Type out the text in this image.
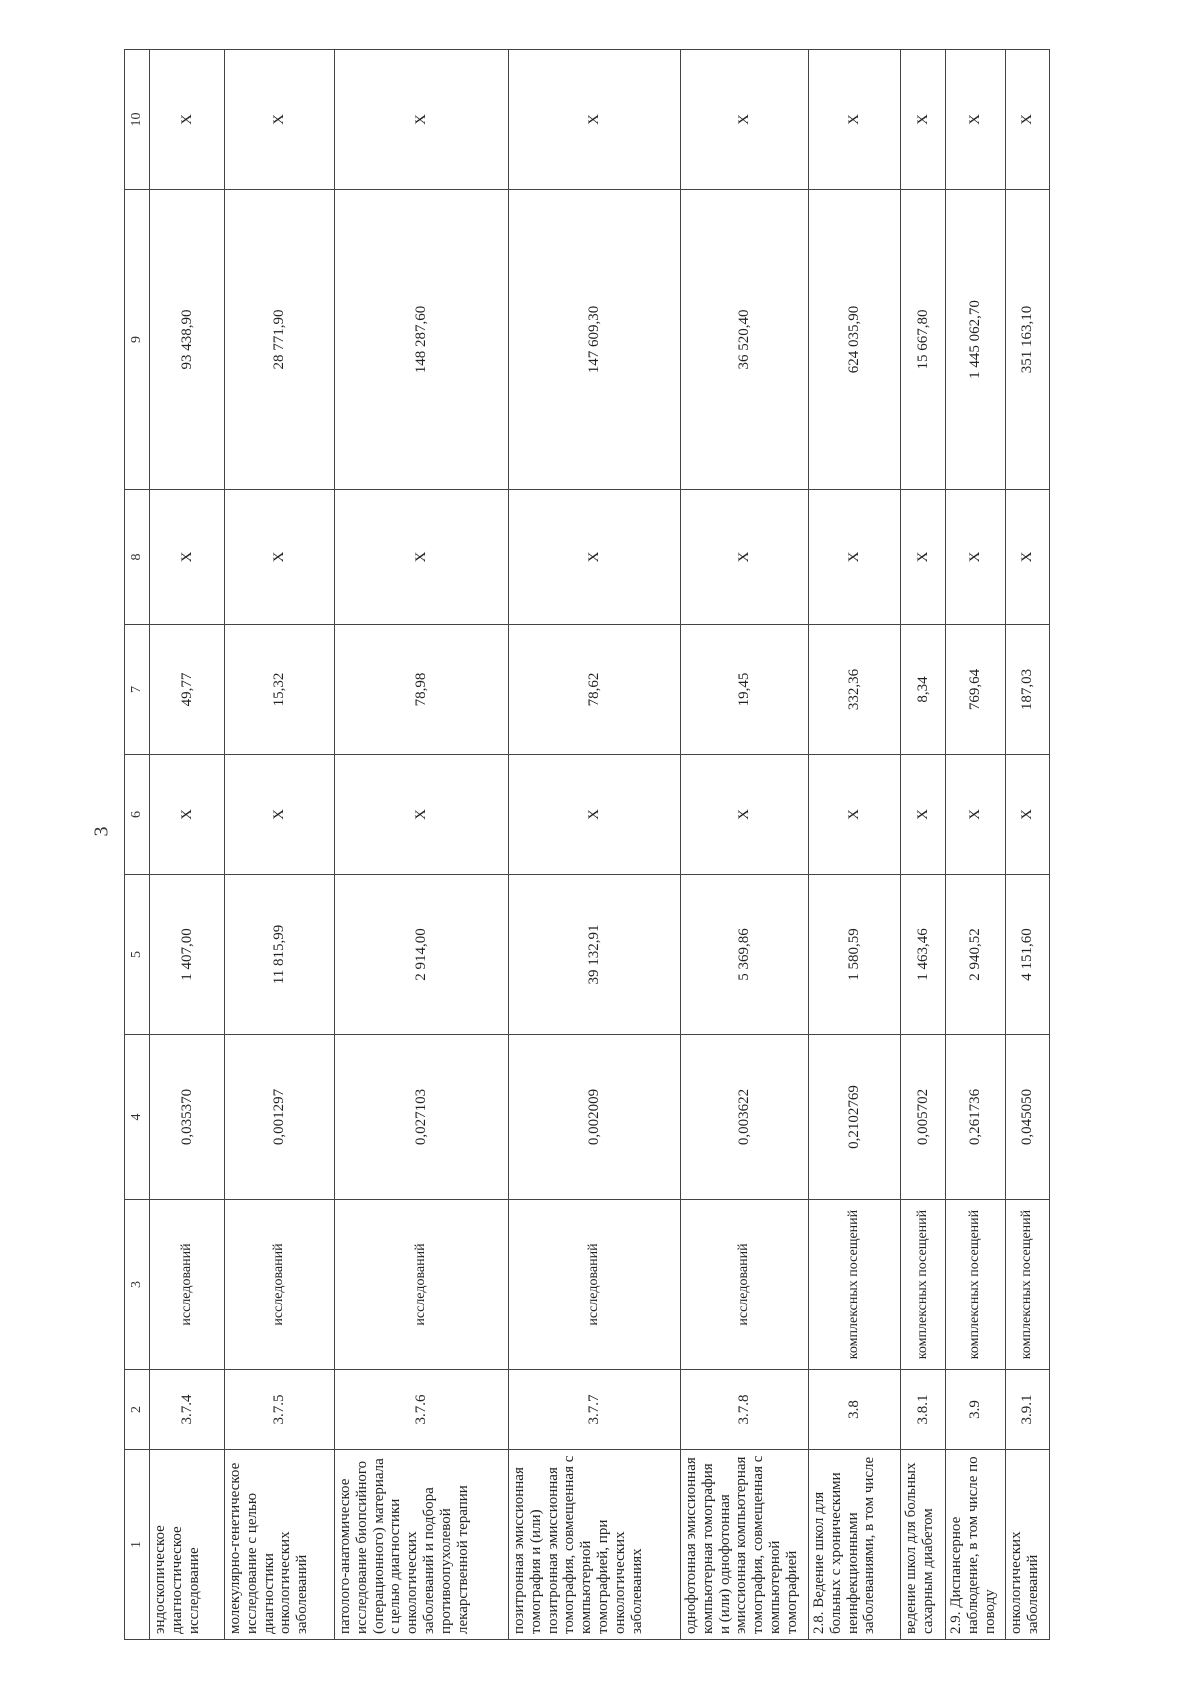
3
1	2	3	4	5	6	7	8	9	10
эндоскопическое диагностическое исследование	3.7.4	исследований	0,035370	1 407,00	X	49,77	X	93 438,90	X
молекулярно-генетическое исследование с целью диагностики онкологических заболеваний	3.7.5	исследований	0,001297	11 815,99	X	15,32	X	28 771,90	X
патолого-анатомическое исследование биопсийного (операционного) материала с целью диагностики онкологических заболеваний и подбора противоопухолевой лекарственной терапии	3.7.6	исследований	0,027103	2 914,00	X	78,98	X	148 287,60	X
позитронная эмиссионная томография и (или) позитронная эмиссионная томография, совмещенная с компьютерной томографией, при онкологических заболеваниях	3.7.7	исследований	0,002009	39 132,91	X	78,62	X	147 609,30	X
однофотонная эмиссионная компьютерная томография и (или) однофотонная эмиссионная компьютерная томография, совмещенная с компьютерной томографией	3.7.8	исследований	0,003622	5 369,86	X	19,45	X	36 520,40	X
2.8. Ведение школ для больных с хроническими неинфекционными заболеваниями, в том числе	3.8	комплексных посещений	0,2102769	1 580,59	X	332,36	X	624 035,90	X
ведение школ для больных сахарным диабетом	3.8.1	комплексных посещений	0,005702	1 463,46	X	8,34	X	15 667,80	X
2.9. Диспансерное наблюдение, в том числе по поводу	3.9	комплексных посещений	0,261736	2 940,52	X	769,64	X	1 445 062,70	X
онкологических заболеваний	3.9.1	комплексных посещений	0,045050	4 151,60	X	187,03	X	351 163,10	X
